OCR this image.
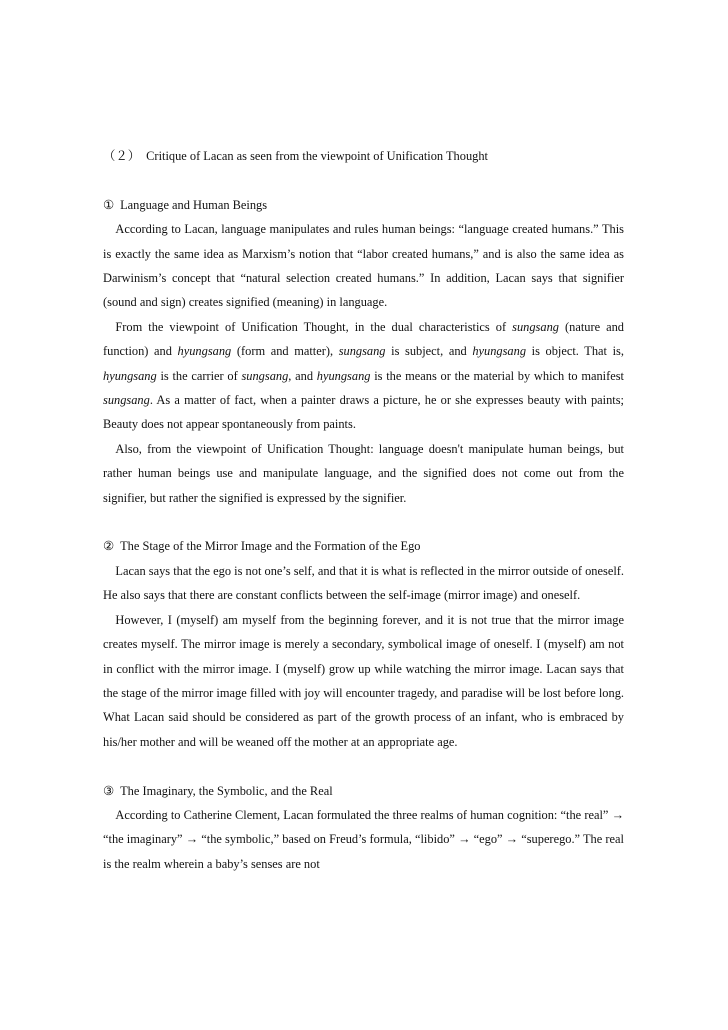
（２） Critique of Lacan as seen from the viewpoint of Unification Thought

① Language and Human Beings

According to Lacan, language manipulates and rules human beings: “language created humans.” This is exactly the same idea as Marxism’s notion that “labor created humans,” and is also the same idea as Darwinism’s concept that “natural selection created humans.” In addition, Lacan says that signifier (sound and sign) creates signified (meaning) in language.

From the viewpoint of Unification Thought, in the dual characteristics of sungsang (nature and function) and hyungsang (form and matter), sungsang is subject, and hyungsang is object. That is, hyungsang is the carrier of sungsang, and hyungsang is the means or the material by which to manifest sungsang. As a matter of fact, when a painter draws a picture, he or she expresses beauty with paints; Beauty does not appear spontaneously from paints.

Also, from the viewpoint of Unification Thought: language doesn't manipulate human beings, but rather human beings use and manipulate language, and the signified does not come out from the signifier, but rather the signified is expressed by the signifier.

② The Stage of the Mirror Image and the Formation of the Ego

Lacan says that the ego is not one’s self, and that it is what is reflected in the mirror outside of oneself. He also says that there are constant conflicts between the self-image (mirror image) and oneself.

However, I (myself) am myself from the beginning forever, and it is not true that the mirror image creates myself. The mirror image is merely a secondary, symbolical image of oneself. I (myself) am not in conflict with the mirror image. I (myself) grow up while watching the mirror image. Lacan says that the stage of the mirror image filled with joy will encounter tragedy, and paradise will be lost before long. What Lacan said should be considered as part of the growth process of an infant, who is embraced by his/her mother and will be weaned off the mother at an appropriate age.

③ The Imaginary, the Symbolic, and the Real

According to Catherine Clement, Lacan formulated the three realms of human cognition: “the real” → “the imaginary” → “the symbolic,” based on Freud’s formula, “libido” → “ego” → “superego.” The real is the realm wherein a baby’s senses are not
